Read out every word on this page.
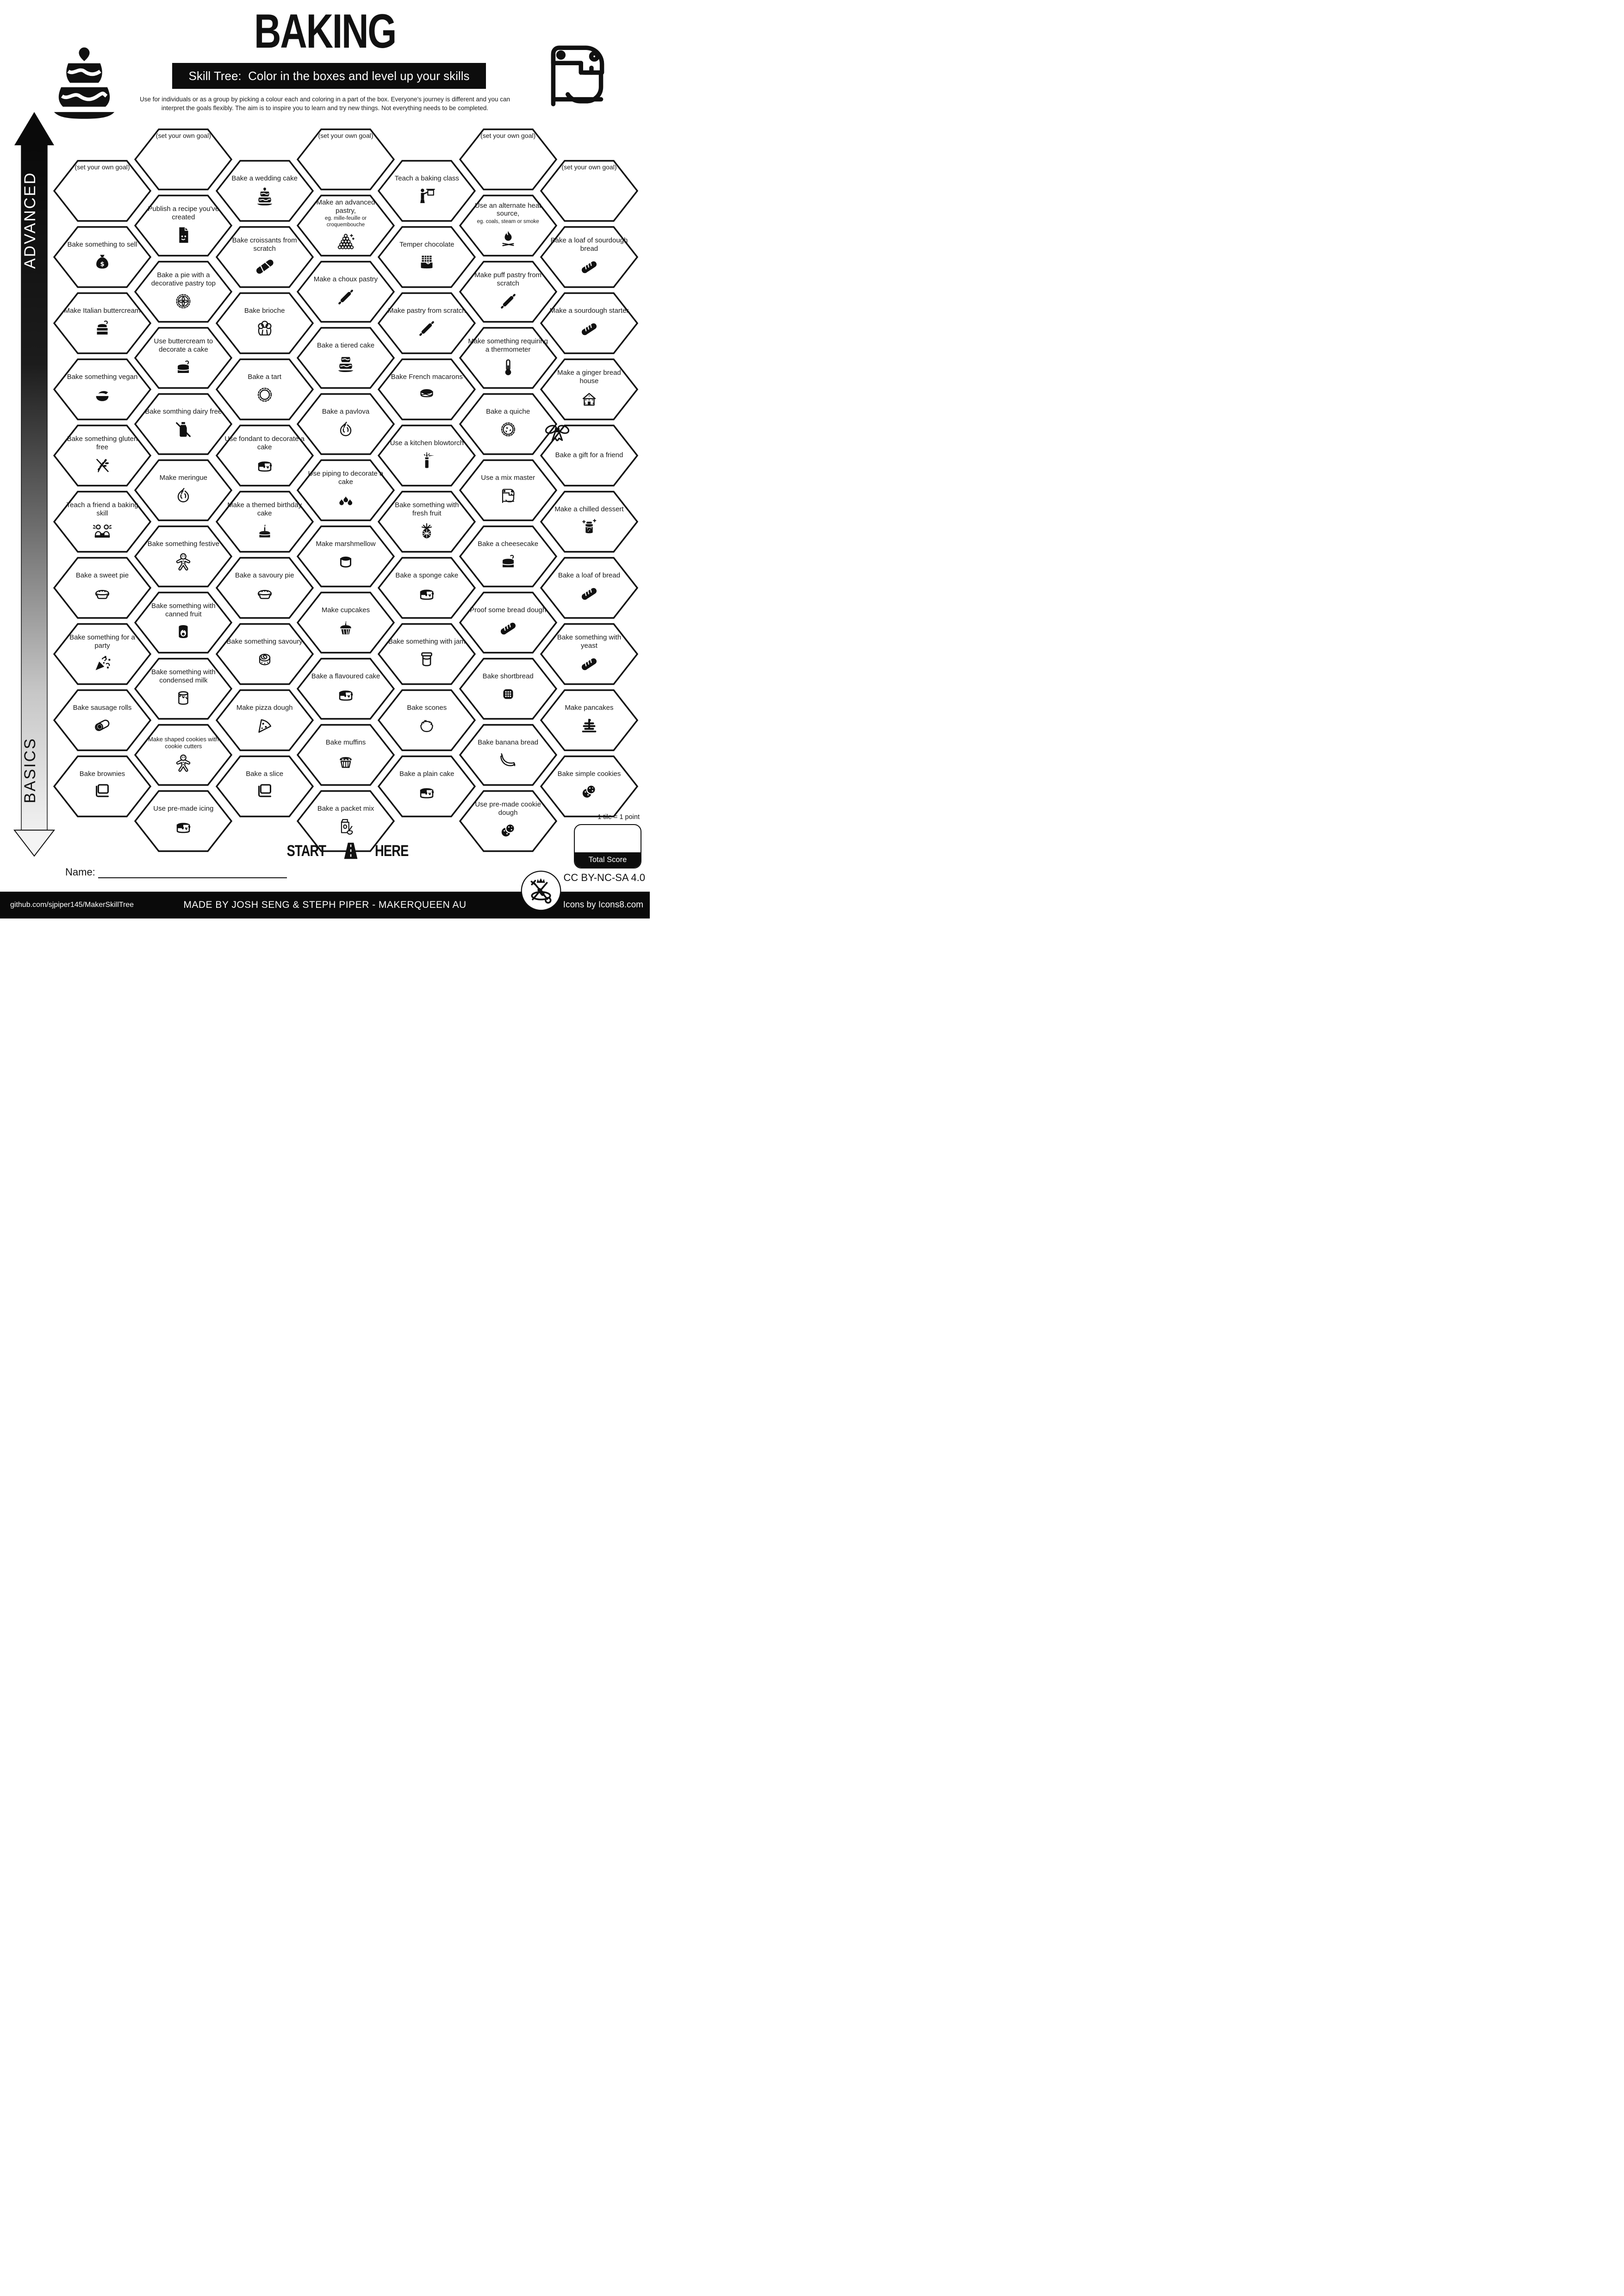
BAKING
Skill Tree:  Color in the boxes and level up your skills
Use for individuals or as a group by picking a colour each and coloring in a part of the box. Everyone's journey is different and you can
interpret the goals flexibly. The aim is to inspire you to learn and try new things. Not everything needs to be completed.
ADVANCED
BASICS
(set your own goal)
Bake something to sell
$
Make Italian buttercream
Bake something vegan
Bake something gluten free
Teach a friend a baking skill
Bake a sweet pie
Bake something for a party
Bake sausage rolls
Bake brownies
(set your own goal)
Publish a recipe you've created
Bake a pie with a decorative pastry top
Use buttercream to decorate a cake
Bake somthing dairy free
Make meringue
Bake something festive
Bake something with canned fruit
Bake something with condensed milk
Make shaped cookies with cookie cutters
Use pre-made icing
Bake a wedding cake
Bake croissants from scratch
Bake brioche
Bake a tart
Use fondant to decorate a cake
Make a themed birthday cake
Bake a savoury pie
Bake something savoury
Make pizza dough
Bake a slice
(set your own goal)
Make an advanced pastry,
eg. mille-feuille or croquembouche
Make a choux pastry
Bake a tiered cake
Bake a pavlova
Use piping to decorate a cake
Make marshmellow
Make cupcakes
Bake a flavoured cake
Bake muffins
Bake a packet mix
Teach a baking class
Temper chocolate
Make pastry from scratch
Bake French macarons
Use a kitchen blowtorch
Bake something with fresh fruit
Bake a sponge cake
Bake something with jam
Bake scones
Bake a plain cake
(set your own goal)
Use an alternate heat source,
eg. coals, steam or smoke
Make puff pastry from scratch
Make something requiring a thermometer
Bake a quiche
Use a mix master
Bake a cheesecake
Proof some bread dough
Bake shortbread
Bake banana bread
Use pre-made cookie dough
(set your own goal)
Bake a loaf of sourdough bread
Make a sourdough starter
Make a ginger bread house
Bake a gift for a friend
Make a chilled dessert
Bake a loaf of bread
Bake something with yeast
Make pancakes
Bake simple cookies
START	HERE
Name:
1 tile = 1 point
Total Score
CC BY-NC-SA 4.0
github.com/sjpiper145/MakerSkillTree	MADE BY JOSH SENG & STEPH PIPER - MAKERQUEEN AU	Icons by Icons8.com
